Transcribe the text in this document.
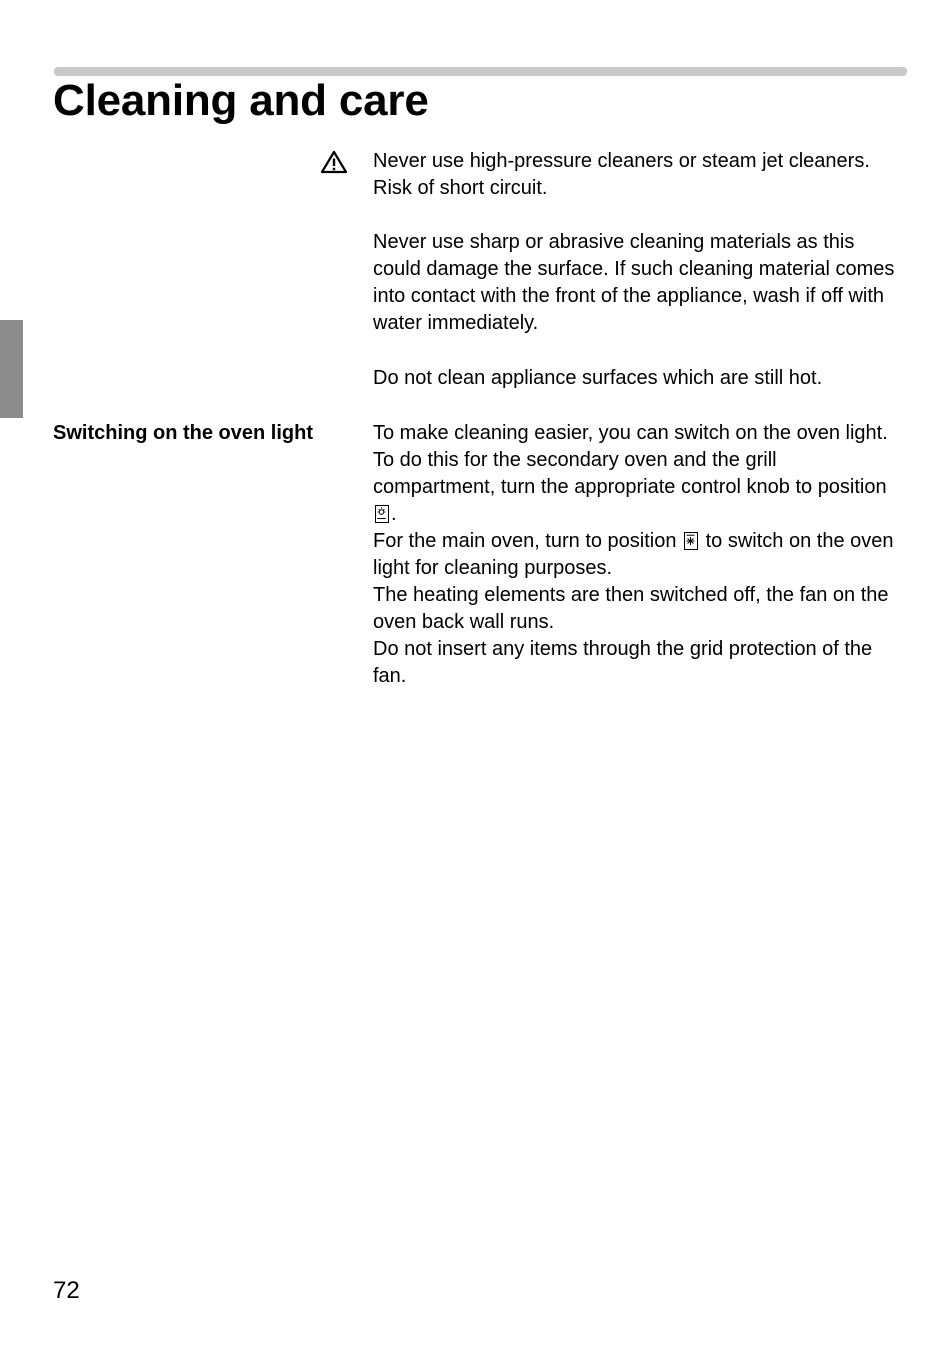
Cleaning and care

Never use high-pressure cleaners or steam jet cleaners. Risk of short circuit.

Never use sharp or abrasive cleaning materials as this could damage the surface. If such cleaning material comes into contact with the front of the appliance, wash if off with water immediately.

Do not clean appliance surfaces which are still hot.

Switching on the oven light	To make cleaning easier, you can switch on the oven light.

To do this for the secondary oven and the grill compartment, turn the appropriate control knob to position
.

For the main oven, turn to position
to switch on the oven light for cleaning purposes.

The heating elements are then switched off, the fan on the oven back wall runs.

Do not insert any items through the grid protection of the fan.

72
